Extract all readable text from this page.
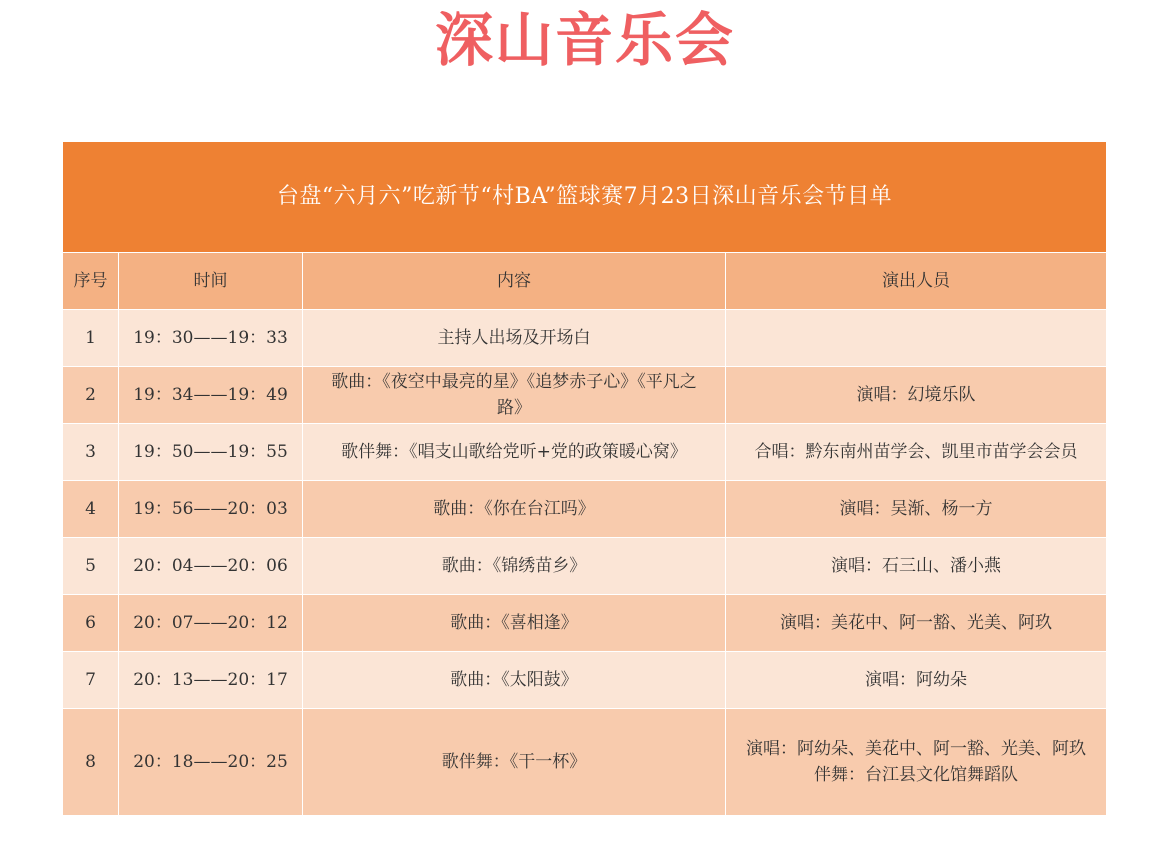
深山音乐会
台盘“六月六”吃新节“村BA”篮球赛7月23日深山音乐会节目单			
序号	时间	内容	演出人员
1	19：30——19：33	主持人出场及开场白	
2	19：34——19：49	歌曲：《夜空中最亮的星》《追梦赤子心》《平凡之路》	演唱：幻境乐队
3	19：50——19：55	歌伴舞：《唱支山歌给党听+党的政策暖心窝》	合唱：黔东南州苗学会、凯里市苗学会会员
4	19：56——20：03	歌曲：《你在台江吗》	演唱：吴渐、杨一方
5	20：04——20：06	歌曲：《锦绣苗乡》	演唱：石三山、潘小燕
6	20：07——20：12	歌曲：《喜相逢》	演唱：美花中、阿一豁、光美、阿玖
7	20：13——20：17	歌曲：《太阳鼓》	演唱：阿幼朵
8	20：18——20：25	歌伴舞：《干一杯》	演唱：阿幼朵、美花中、阿一豁、光美、阿玖
伴舞：台江县文化馆舞蹈队
